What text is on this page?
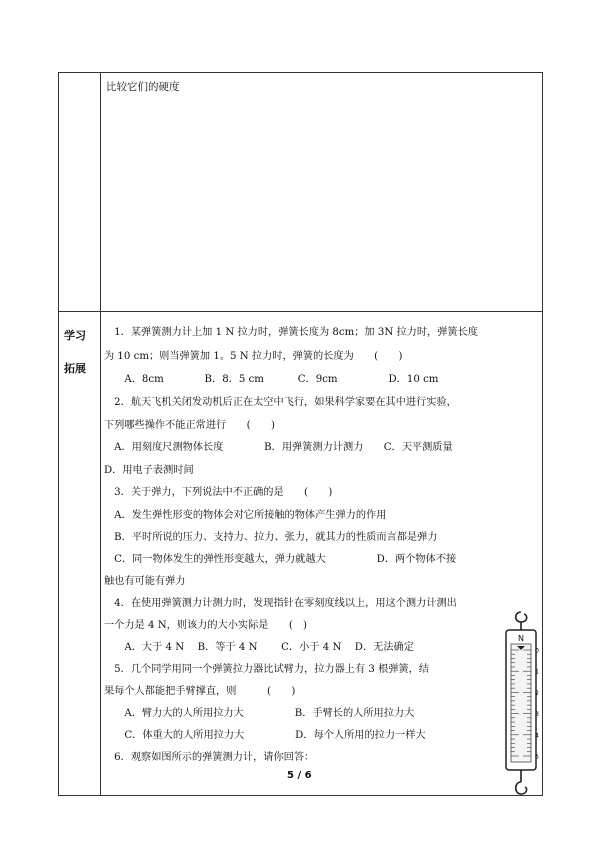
比较它们的硬度
学习
拓展
　1．某弹簧测力计上加 1 N 拉力时，弹簧长度为 8cm；加 3N 拉力时，弹簧长度
为 10 cm；则当弹簧加 1。5 N 拉力时，弹簧的长度为　　(　　)
　　A．8cm　　　　B．8．5 cm　　　 C．9cm　　　　　D．10 cm
　2．航天飞机关闭发动机后正在太空中飞行，如果科学家要在其中进行实验，
下列哪些操作不能正常进行　　(　　)
　A．用刻度尺测物体长度　　　　B．用弹簧测力计测力　　C．天平测质量
D．用电子表测时间
　3．关于弹力，下列说法中不正确的是　　(　　)
　A．发生弹性形变的物体会对它所接触的物体产生弹力的作用
　B．平时所说的压力、支持力、拉力、张力，就其力的性质而言都是弹力
　C．同一物体发生的弹性形变越大，弹力就越大　　　　　D．两个物体不接
触也有可能有弹力
　4．在使用弹簧测力计测力时，发现指针在零刻度线以上，用这个测力计测出
一个力是 4 N，则该力的大小实际是　　(　)
　　A．大于 4 N　 B．等于 4 N　　 C．小于 4 N　 D．无法确定
　5．几个同学用同一个弹簧拉力器比试臂力，拉力器上有 3 根弹簧，结
果每个人都能把手臂撑直，则　　　(　　)
　　A．臂力大的人所用拉力大　　　　　B．手臂长的人所用拉力大
　　C．体重大的人所用拉力大　　　　　D．每个人所用的拉力一样大
　6．观察如图所示的弹簧测力计，请你回答：
N
0
1
2
3
4
5
5 / 6
